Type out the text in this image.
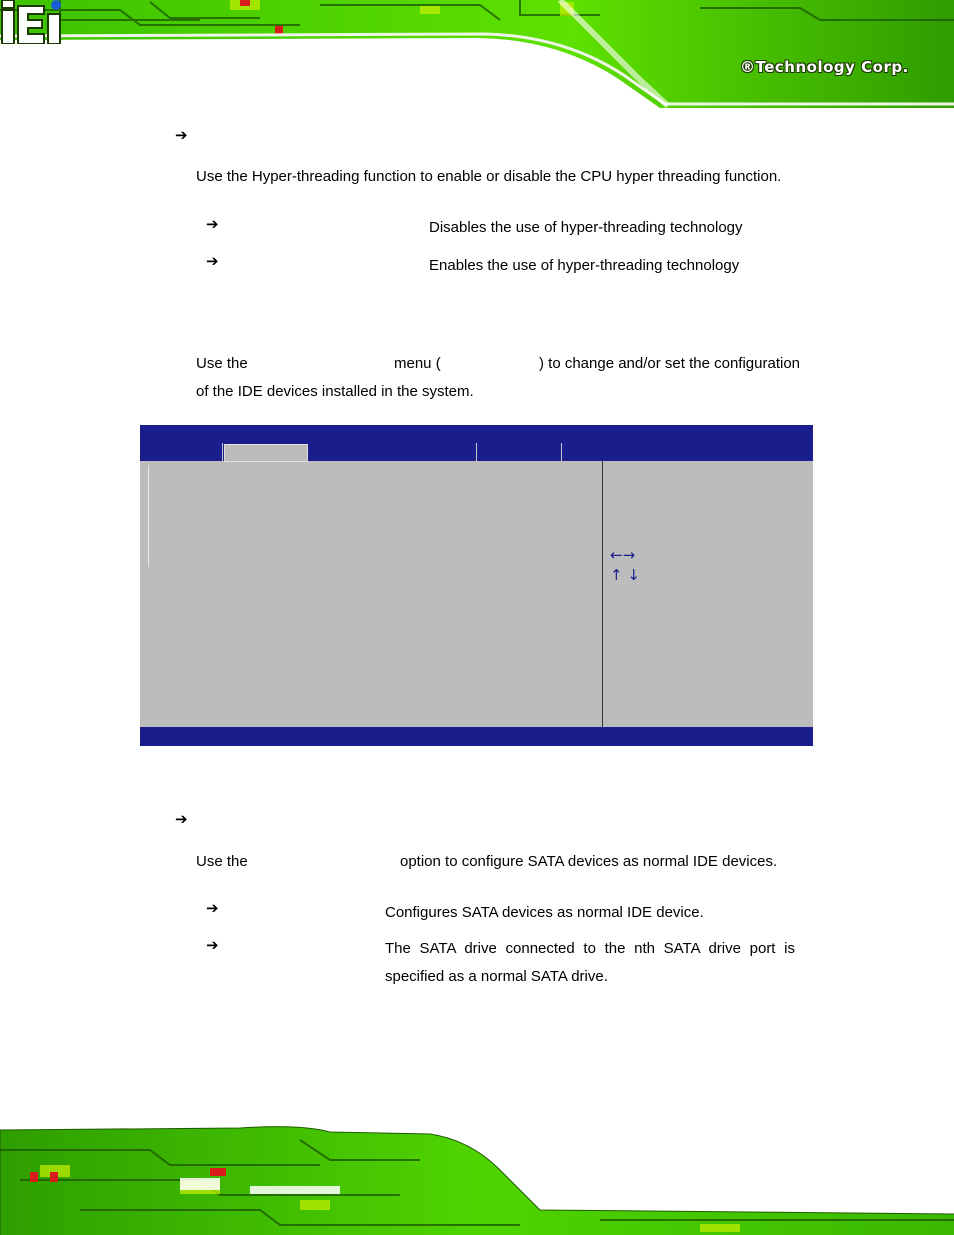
®Technology Corp.
➔
Use the Hyper-threading function to enable or disable the CPU hyper threading function.
➔	Disables the use of hyper-threading technology
➔	Enables the use of hyper-threading technology
Use the	menu (	) to change and/or set the configuration
of the IDE devices installed in the system.
←→
↑ ↓
➔
Use the	option to configure SATA devices as normal IDE devices.
➔	Configures SATA devices as normal IDE device.
➔	The SATA drive connected to the nth SATA drive port is specified as a normal SATA drive.
